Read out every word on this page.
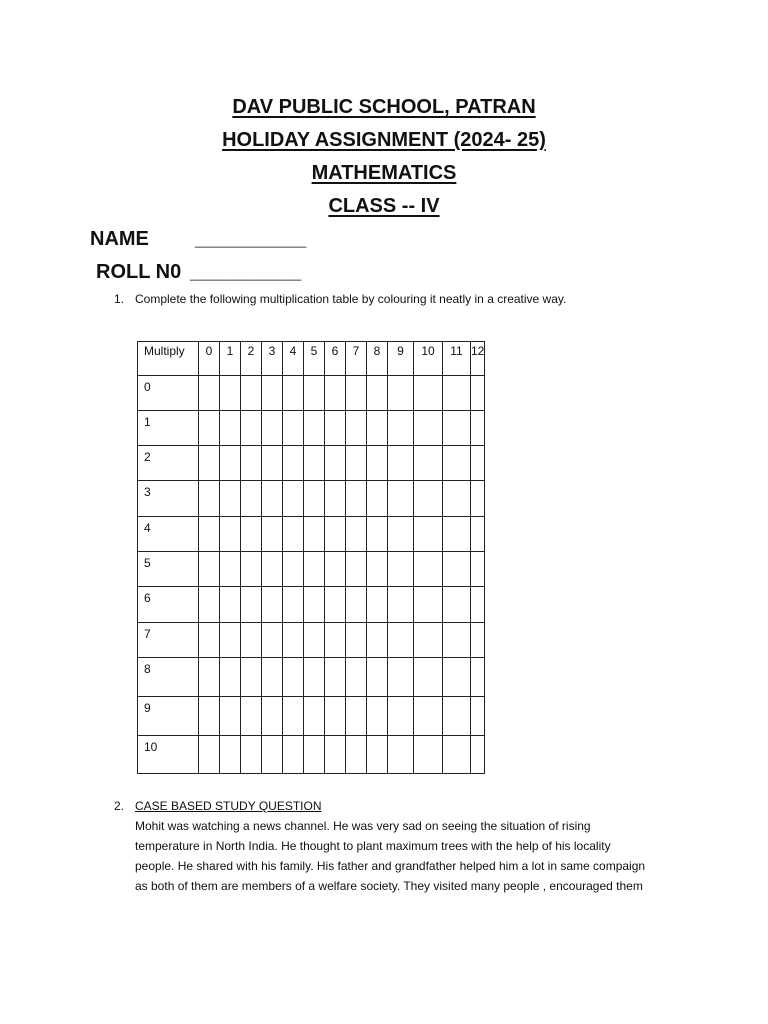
DAV PUBLIC SCHOOL, PATRAN
HOLIDAY ASSIGNMENT (2024- 25)
MATHEMATICS
CLASS -- IV
NAME __________
ROLL N0 __________
1. Complete the following multiplication table by colouring it neatly in a creative way.
Multiply	0	1	2	3	4	5	6	7	8	9	10	11	12

0													

1													

2													

3													

4													

5													

6													

7													

8													

9													

10													

2. CASE BASED STUDY QUESTION
Mohit was watching a news channel. He was very sad on seeing the situation of rising
temperature in North India. He thought to plant maximum trees with the help of his locality
people. He shared with his family. His father and grandfather helped him a lot in same compaign
as both of them are members of a welfare society. They visited many people , encouraged them
